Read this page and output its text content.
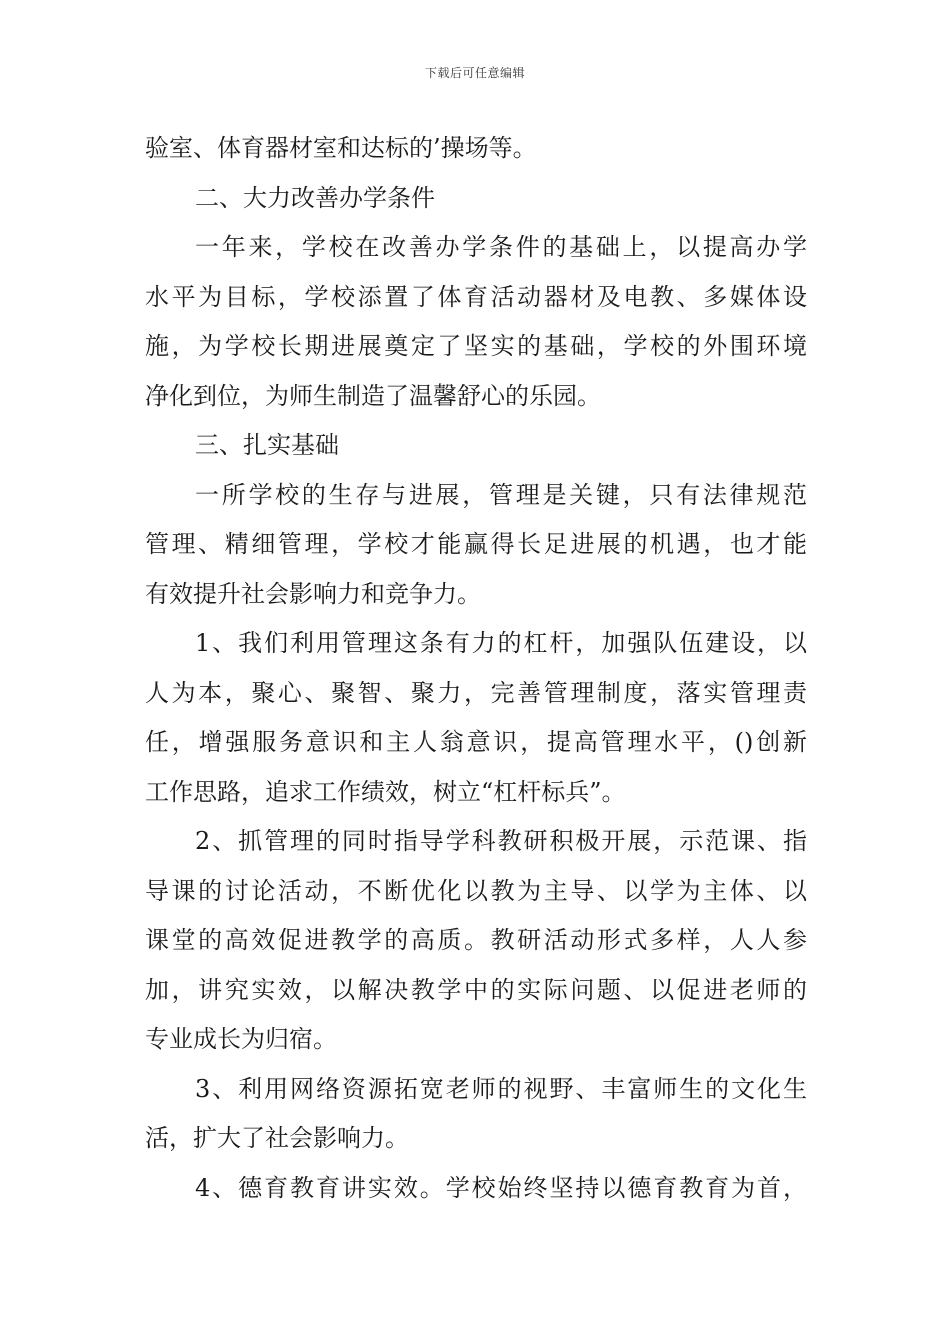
下载后可任意编辑
验室、体育器材室和达标的’操场等。
二、大力改善办学条件
一年来，学校在改善办学条件的基础上，以提高办学
水平为目标，学校添置了体育活动器材及电教、多媒体设
施，为学校长期进展奠定了坚实的基础，学校的外围环境
净化到位，为师生制造了温馨舒心的乐园。
三、扎实基础
一所学校的生存与进展，管理是关键，只有法律规范
管理、精细管理，学校才能赢得长足进展的机遇，也才能
有效提升社会影响力和竞争力。
1、我们利用管理这条有力的杠杆，加强队伍建设，以
人为本，聚心、聚智、聚力，完善管理制度，落实管理责
任，增强服务意识和主人翁意识，提高管理水平，()创新
工作思路，追求工作绩效，树立“杠杆标兵”。
2、抓管理的同时指导学科教研积极开展，示范课、指
导课的讨论活动，不断优化以教为主导、以学为主体、以
课堂的高效促进教学的高质。教研活动形式多样，人人参
加，讲究实效，以解决教学中的实际问题、以促进老师的
专业成长为归宿。
3、利用网络资源拓宽老师的视野、丰富师生的文化生
活，扩大了社会影响力。
4、德育教育讲实效。学校始终坚持以德育教育为首，
